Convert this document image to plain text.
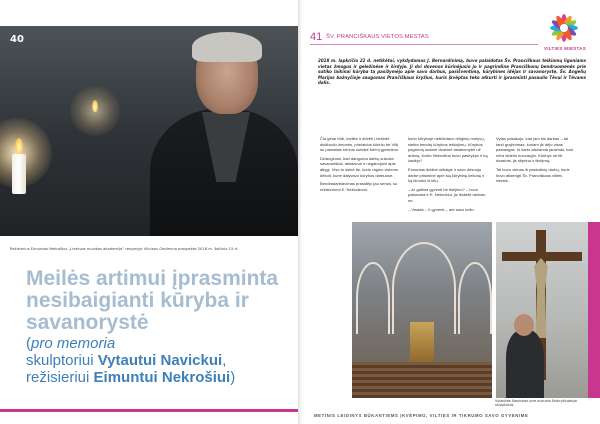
40
Režisierius Eimuntas Nekrošius „Lietuvos muzikos akademija“ renginyje Vilniaus Gedimino prospekte 2018 m. šaltinio 15 d.
Meilės artimui įprasminta nesibaigianti kūryba ir savanorystė

(pro memoria
skulptoriui Vytautui Navickui,
režisieriui Eimuntui Nekrošiui)

41 ŠV. PRANCIŠKAUS VIETOS MESTAS
VILTIES MIESTAS

2018 m. lapkričio 22 d. netikėtai, vykdydamas J. Bernardinimą, buvo palaidotas Šv. Pranciškaus teikiamų ligoniams vietas žmogus ir geležinėse ir širdyje. Ji dvi dovenos kūrinėjusio jo ir pagrindine Pranciškonų bendruomenės prie sutiko laikinai kūryba tą pasižymėjo apie savo darbus, pasišventimą, kūrybines idėjas ir savanorystę. Šv. Angelių Marijos bažnyčioje saugomas Prančiškaus kryžius, kuris įkvėptas teko atkurti ir įprasminti pasaulio Tėvui ir Tėvams dalis.

Čia gerai būti, meilės ir žiūrėti į beširdė didžiauliu žmonės, prielaidos kūrinio be Viltį su pamatais kūrinio sutelkė kūrinį gyvenimo.

Džiaugiuosi, kad dauguma darbų sukurta savanoriškai, atsidavus ir negalvojant apie atlygį. Viso to siekė tie, kurie ragino visiems dėkoti, kurie dalyvavo kūrybos darbuose.

Bendradarbiavimas prasidėjo jau seniai, su režisieriumi E. Nekrošiumi,

kurio kūryboje netrūkdavo religinių motyvų, siekta bendrų kūrybos ieškojimų. Kūrybos pagrindą sudarė dvasinė atsakomybė už artimą. Kokio Nekrošius buvo pasiryžęs ir ką žadėjo?

Eimuntas didžiai užbaigė ir savo dėsuoju darbe prisiminė apie šią kūrybinę kelionę ir ką išmoko iš kitų.

– Ar galima gyventi be tikėjimo? – buvo paklausta ir E. Nekrošiui, jis išskėtė rankas: ne.

– Visada – ir gyventi – ant savo kelio.

Vytas pasakojo, kad jam šis darbas – tai tarsi grąžinimas, kuriam jis dėjo visas pastangas. Iš karto atsiranda jausmas, kad nėra didelio nuovargio. Kūrinys ne tik dvasinis, jis stiprina ir tikėjimą.

Tai buvo vienas iš paskutinių darbų, kurie buvo atidengti Šv. Pranciškaus vilties mieste.

Vytautas Navickas prie sukurto Nukryžiuotojo skulptūros
METINIS LEIDINYS BŪKANTIEMS ĮKVĖPIMO, VILTIES IR TIKRUMO SAVO GYVENIME
